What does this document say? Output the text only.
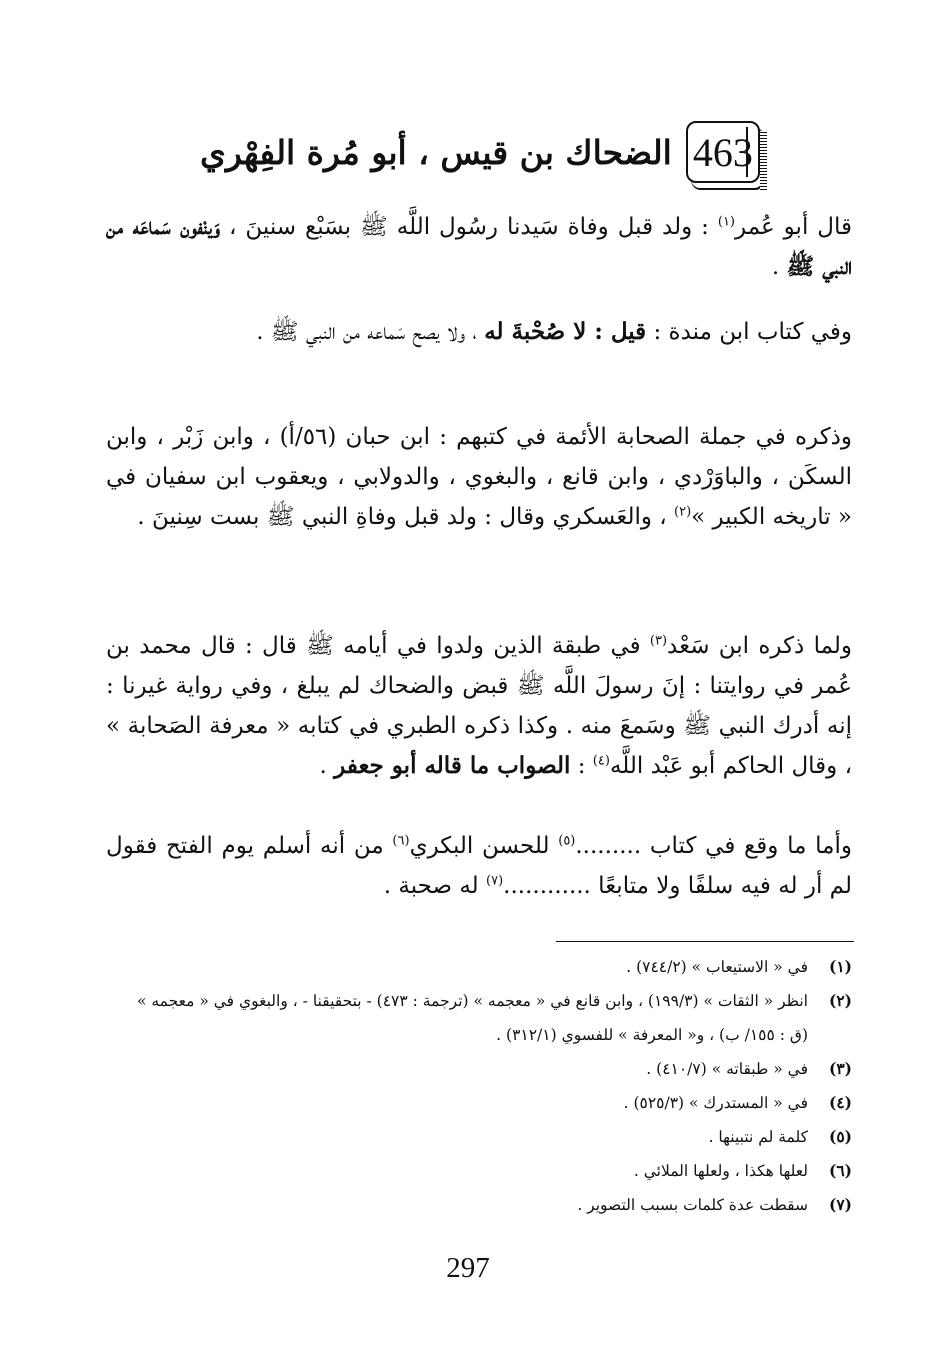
463
الضحاك بن قيس ، أبو مُرة الفِهْري
قال أبو عُمر$^{(١)}$ : ولد قبل وفاة سَيدنا رسُول اللَّه ﷺ بسَبْع سنينَ ، وَينْفون سَماعَه من النبي ﷺ .
وفي كتاب ابن مندة : قيل : لا صُحْبةَ له ، ولا يصح سَماعه من النبي ﷺ .
وذكره في جملة الصحابة الأئمة في كتبهم : ابن حبان (٥٦/أ) ، وابن زَبْر ، وابن السكَن ، والباوَرْدي ، وابن قانع ، والبغوي ، والدولابي ، ويعقوب ابن سفيان في « تاريخه الكبير »$^{(٢)}$ ، والعَسكري وقال : ولد قبل وفاةِ النبي ﷺ بست سِنينَ .
ولما ذكره ابن سَعْد$^{(٣)}$ في طبقة الذين ولدوا في أيامه ﷺ قال : قال محمد بن عُمر في روايتنا : إنَ رسولَ اللَّه ﷺ قبض والضحاك لم يبلغ ، وفي رواية غيرنا : إنه أدرك النبي ﷺ وسَمعَ منه . وكذا ذكره الطبري في كتابه « معرفة الصَحابة » ، وقال الحاكم أبو عَبْد اللَّه$^{(٤)}$ : الصواب ما قاله أبو جعفر .
وأما ما وقع في كتاب .........$^{(٥)}$ للحسن البكري$^{(٦)}$ من أنه أسلم يوم الفتح فقول لم أر له فيه سلفًا ولا متابعًا ............$^{(٧)}$ له صحبة .
(١)
في « الاستيعاب » (٧٤٤/٢) .
(٢)
انظر « الثقات » (١٩٩/٣) ، وابن قانع في « معجمه » (ترجمة : ٤٧٣) - بتحقيقنا - ، والبغوي في « معجمه » (ق : ١٥٥/ ب) ، و« المعرفة » للفسوي (٣١٢/١) .
(٣)
في « طبقاته » (٤١٠/٧) .
(٤)
في « المستدرك » (٥٢٥/٣) .
(٥)
كلمة لم نتبينها .
(٦)
لعلها هكذا ، ولعلها الملائي .
(٧)
سقطت عدة كلمات بسبب التصوير .
297
